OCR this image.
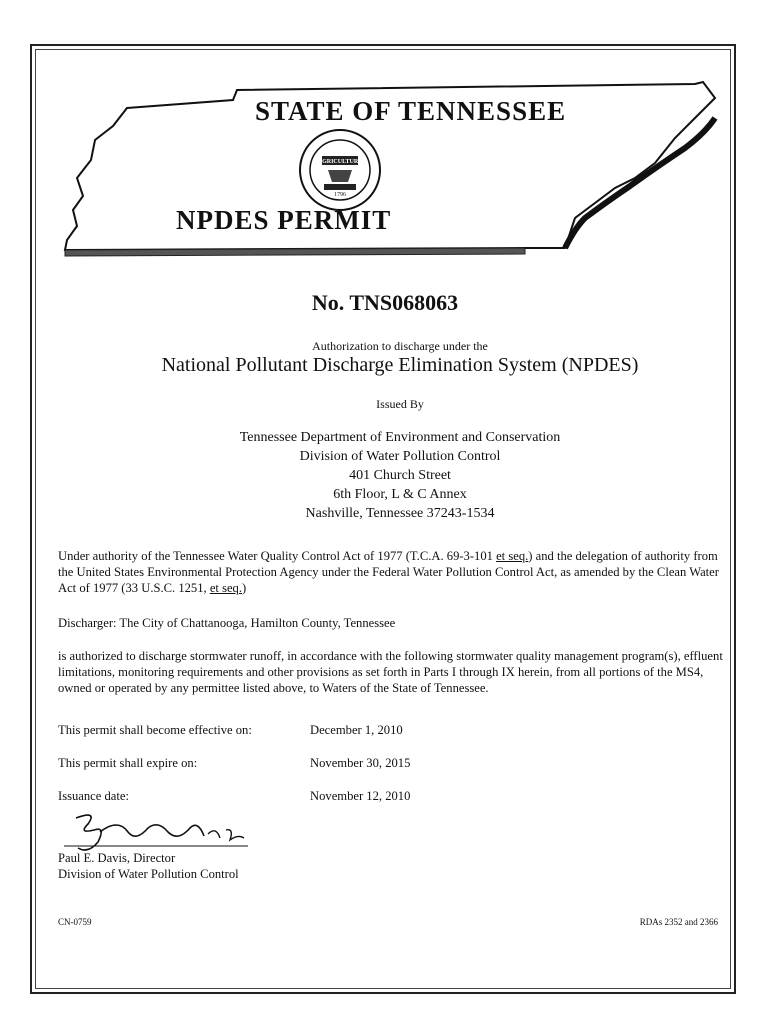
STATE OF TENNESSEE
AGRICULTURE
1796
NPDES PERMIT
No. TNS068063
Authorization to discharge under the
National Pollutant Discharge Elimination System (NPDES)
Issued By
Tennessee Department of Environment and Conservation
Division of Water Pollution Control
401 Church Street
6th Floor, L & C Annex
Nashville, Tennessee 37243-1534
Under authority of the Tennessee Water Quality Control Act of 1977 (T.C.A. 69-3-101 et seq.) and the delegation of authority from the United States Environmental Protection Agency under the Federal Water Pollution Control Act, as amended by the Clean Water Act of 1977 (33 U.S.C. 1251, et seq.)
Discharger: The City of Chattanooga, Hamilton County, Tennessee
is authorized to discharge stormwater runoff, in accordance with the following stormwater quality management program(s), effluent limitations, monitoring requirements and other provisions as set forth in Parts I through IX herein, from all portions of the MS4, owned or operated by any permittee listed above, to Waters of the State of Tennessee.
This permit shall become effective on:	December 1, 2010
This permit shall expire on:	November 30, 2015
Issuance date:	November 12, 2010
Paul E. Davis, Director
Division of Water Pollution Control
CN-0759	RDAs 2352 and 2366
